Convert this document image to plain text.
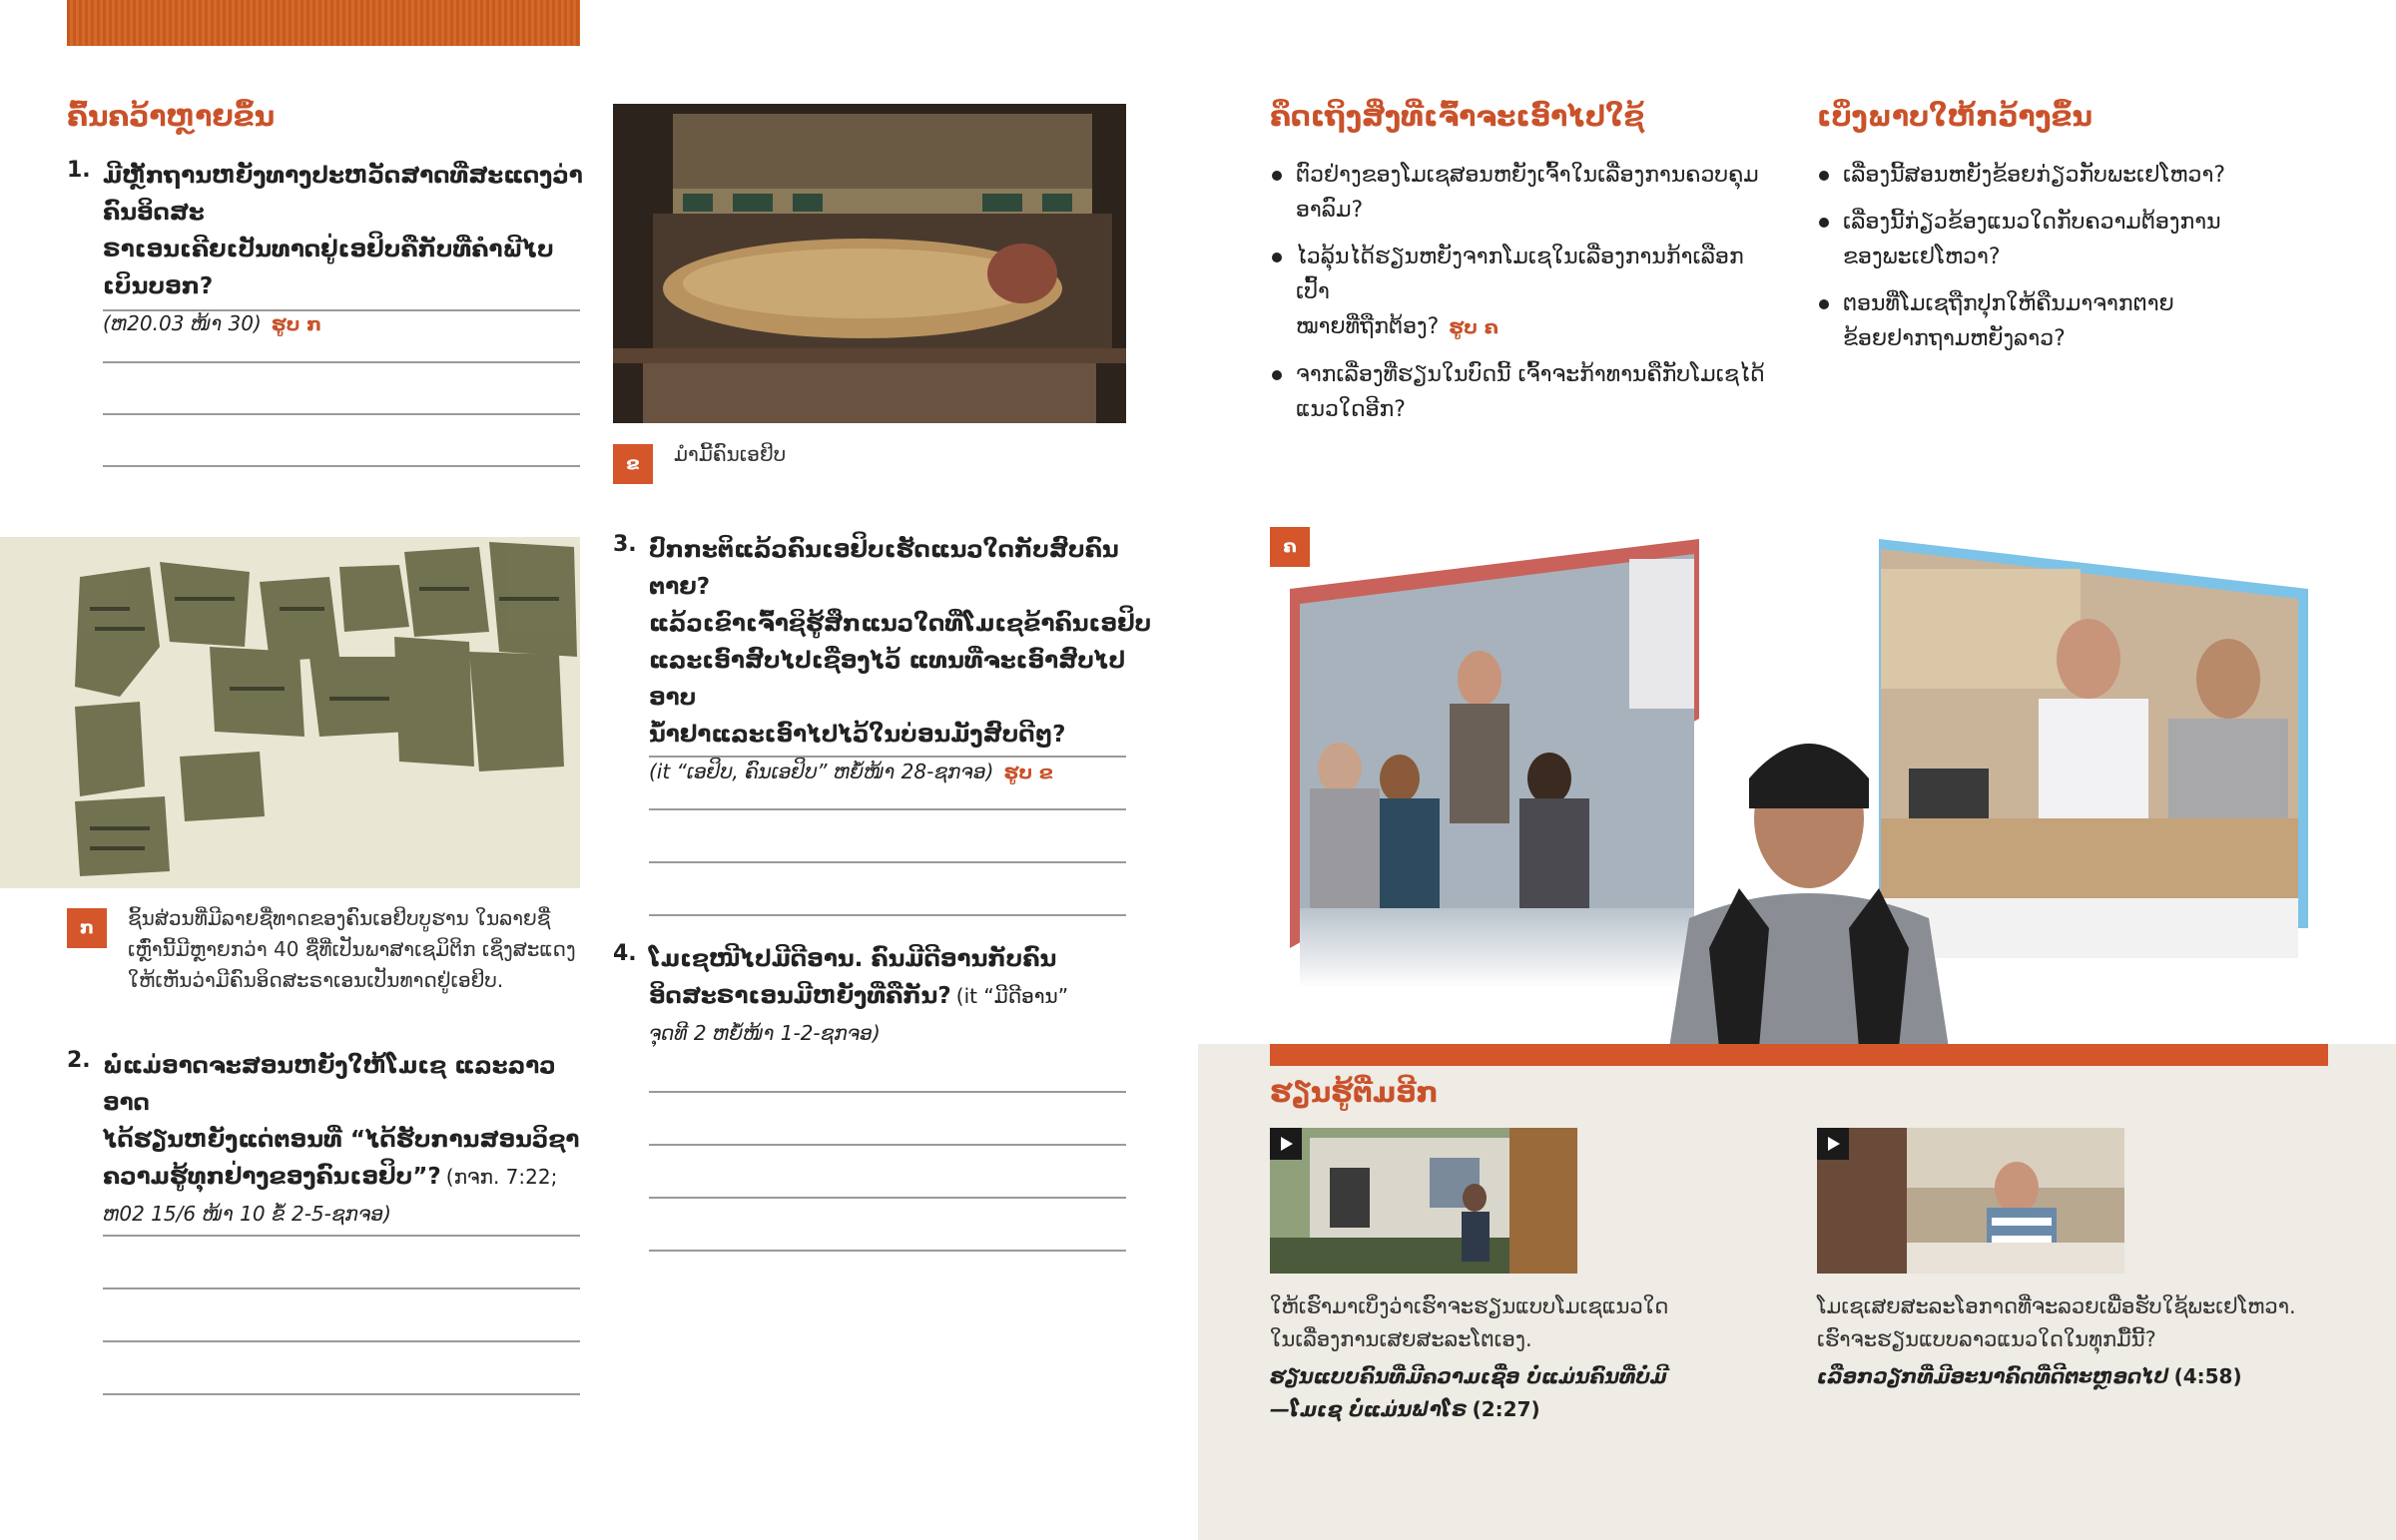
ຄົ້ນຄວ້າຫຼາຍຂຶ້ນ
1. ມີຫຼັກຖານຫຍັງທາງປະຫວັດສາດທີ່ສະແດງວ່າຄົນອິດສະ
ຣາເອນເຄີຍເປັນທາດຢູ່ເອຢິບຄືກັບທີ່ຄຳພີໄບເບິນບອກ?
(ຫ20.03 ໜ້າ 30) ຮູບ ກ
ກ	ຊິ້ນສ່ວນທີ່ມີລາຍຊື່ທາດຂອງຄົນເອຢິບບູຮານ ໃນລາຍຊື່
ເຫຼົ່ານີ້ມີຫຼາຍກວ່າ 40 ຊື່ທີ່ເປັນພາສາເຊມິຕິກ ເຊິ່ງສະແດງ
ໃຫ້ເຫັນວ່າມີຄົນອິດສະຣາເອນເປັນທາດຢູ່ເອຢິບ.
2. ພໍ່ແມ່ອາດຈະສອນຫຍັງໃຫ້ໂມເຊ ແລະລາວອາດ
ໄດ້ຮຽນຫຍັງແດ່ຕອນທີ່ “ໄດ້ຮັບການສອນວິຊາ
ຄວາມຮູ້ທຸກຢ່າງຂອງຄົນເອຢິບ”? (ກຈກ. 7:22;
ຫ02 15/6 ໜ້າ 10 ຂໍ້ 2-5-ຊກຈອ)
ຂ	ມຳມີ້ຄົນເອຢິບ
3. ປົກກະຕິແລ້ວຄົນເອຢິບເຮັດແນວໃດກັບສົບຄົນຕາຍ?
ແລ້ວເຂົາເຈົ້າຊິຮູ້ສຶກແນວໃດທີ່ໂມເຊຂ້າຄົນເອຢິບ
ແລະເອົາສົບໄປເຊື່ອງໄວ້ ແທນທີ່ຈະເອົາສົບໄປອາບ
ນ້ຳຢາແລະເອົາໄປໄວ້ໃນບ່ອນມັງສົບດີໆ?
(it “ເອຢິບ, ຄົນເອຢິບ” ຫຍໍ້ໜ້າ 28-ຊກຈອ) ຮູບ ຂ
4. ໂມເຊໜີໄປມີດີອານ. ຄົນມີດີອານກັບຄົນ
ອິດສະຣາເອນມີຫຍັງທີ່ຄືກັນ? (it “ມີດີອານ”
ຈຸດທີ 2 ຫຍໍ້ໜ້າ 1-2-ຊກຈອ)
ຄຶດເຖິງສິ່ງທີ່ເຈົ້າຈະເອົາໄປໃຊ້
ຕົວຢ່າງຂອງໂມເຊສອນຫຍັງເຈົ້າໃນເລື່ອງການຄວບຄຸມ
ອາລົມ?
ໄວລຸ້ນໄດ້ຮຽນຫຍັງຈາກໂມເຊໃນເລື່ອງການກ້າເລືອກເປົ້າ
ໝາຍທີ່ຖືກຕ້ອງ? ຮູບ ຄ
ຈາກເລື່ອງທີ່ຮຽນໃນບົດນີ້ ເຈົ້າຈະກ້າທານຄືກັບໂມເຊໄດ້
ແນວໃດອີກ?
ເບິ່ງພາບໃຫ້ກວ້າງຂຶ້ນ
ເລື່ອງນີ້ສອນຫຍັງຂ້ອຍກ່ຽວກັບພະເຢໂຫວາ?
ເລື່ອງນີ້ກ່ຽວຂ້ອງແນວໃດກັບຄວາມຕ້ອງການ
ຂອງພະເຢໂຫວາ?
ຕອນທີ່ໂມເຊຖືກປຸກໃຫ້ຄືນມາຈາກຕາຍ
ຂ້ອຍຢາກຖາມຫຍັງລາວ?
ຄ
ຮຽນຮູ້ຕື່ມອີກ
ໃຫ້ເຮົາມາເບິ່ງວ່າເຮົາຈະຮຽນແບບໂມເຊແນວໃດ
ໃນເລື່ອງການເສຍສະລະໂຕເອງ.
ຮຽນແບບຄົນທີ່ມີຄວາມເຊື່ອ ບໍ່ແມ່ນຄົນທີ່ບໍ່ມີ
—ໂມເຊ ບໍ່ແມ່ນຟາໂຣ (2:27)
ໂມເຊເສຍສະລະໂອກາດທີ່ຈະລວຍເພື່ອຮັບໃຊ້ພະເຢໂຫວາ.
ເຮົາຈະຮຽນແບບລາວແນວໃດໃນທຸກມື້ນີ້?
ເລືອກວຽກທີ່ມີອະນາຄົດທີ່ດີຕະຫຼອດໄປ (4:58)
